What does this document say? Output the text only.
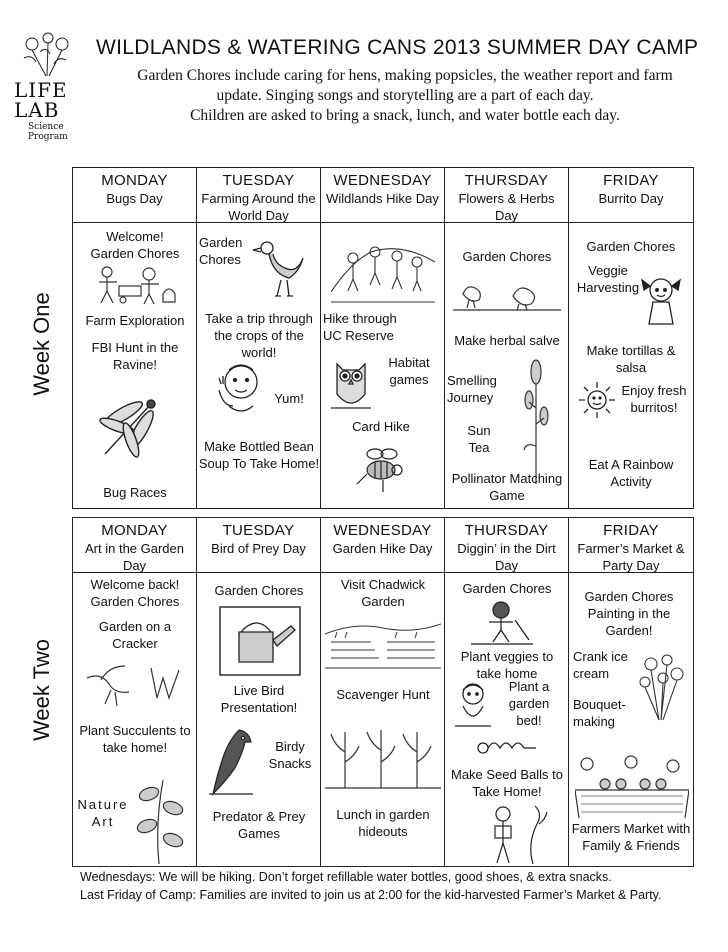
LIFE
LAB
Science
Program
WILDLANDS & WATERING CANS 2013 SUMMER DAY CAMP
Garden Chores include caring for hens, making popsicles, the weather report and farm
update. Singing songs and storytelling are a part of each day.
Children are asked to bring a snack, lunch, and water bottle each day.
Week One
MONDAY
Bugs Day
Welcome! Garden Chores
Farm Exploration
FBI Hunt in the Ravine!
Bug Races
TUESDAY
Farming Around the World Day
Garden Chores
Take a trip through the crops of the world!
Yum!
Make Bottled Bean Soup To Take Home!
WEDNESDAY
Wildlands Hike Day
Hike through UC Reserve
Habitat games
Card Hike
THURSDAY
Flowers & Herbs Day
Garden Chores
Make herbal salve
Smelling Journey
Sun Tea
Pollinator Matching Game
FRIDAY
Burrito Day
Garden Chores
Veggie Harvesting
Make tortillas & salsa
Enjoy fresh burritos!
Eat A Rainbow Activity
Week Two
MONDAY
Art in the Garden Day
Welcome back! Garden Chores
Garden on a Cracker
Plant Succulents to take home!
Nature Art
TUESDAY
Bird of Prey Day
Garden Chores
Live Bird Presentation!
Birdy Snacks
Predator & Prey Games
WEDNESDAY
Garden Hike Day
Visit Chadwick Garden
Scavenger Hunt
Lunch in garden hideouts
THURSDAY
Diggin’ in the Dirt Day
Garden Chores
Plant veggies to take home
Plant a garden bed!
Make Seed Balls to Take Home!
FRIDAY
Farmer’s Market & Party Day
Garden Chores Painting in the Garden!
Crank ice cream
Bouquet-making
Farmers Market with Family & Friends
Wednesdays: We will be hiking. Don’t forget refillable water bottles, good shoes, & extra snacks.
Last Friday of Camp: Families are invited to join us at 2:00 for the kid-harvested Farmer’s Market & Party.
